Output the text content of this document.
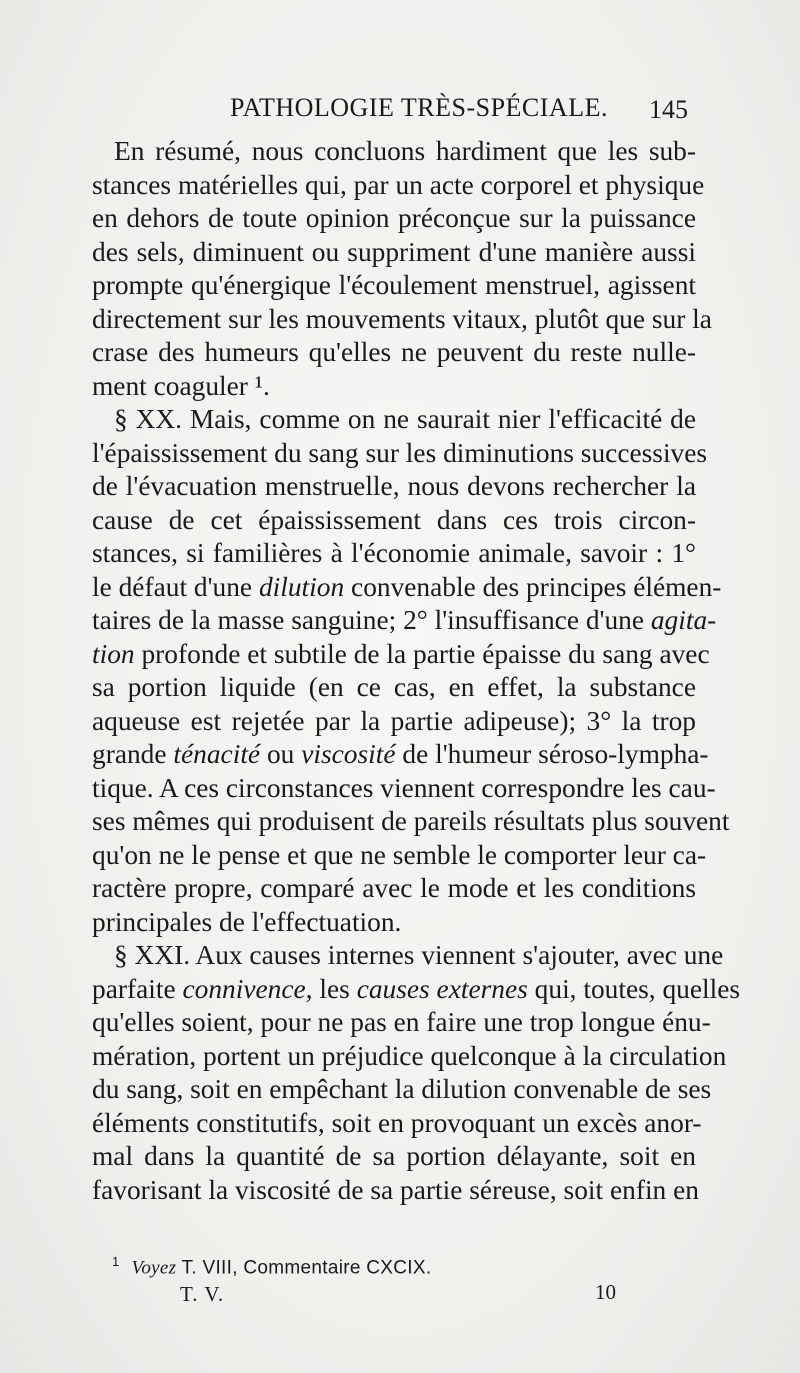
PATHOLOGIE TRÈS-SPÉCIALE. 145
En résumé, nous concluons hardiment que les sub-
stances matérielles qui, par un acte corporel et physique
en dehors de toute opinion préconçue sur la puissance
des sels, diminuent ou suppriment d'une manière aussi
prompte qu'énergique l'écoulement menstruel, agissent
directement sur les mouvements vitaux, plutôt que sur la
crase des humeurs qu'elles ne peuvent du reste nulle-
ment coaguler ¹.
§ XX. Mais, comme on ne saurait nier l'efficacité de
l'épaississement du sang sur les diminutions successives
de l'évacuation menstruelle, nous devons rechercher la
cause de cet épaississement dans ces trois circon-
stances, si familières à l'économie animale, savoir : 1°
le défaut d'une dilution convenable des principes élémen-
taires de la masse sanguine; 2° l'insuffisance d'une agita-
tion profonde et subtile de la partie épaisse du sang avec
sa portion liquide (en ce cas, en effet, la substance
aqueuse est rejetée par la partie adipeuse); 3° la trop
grande ténacité ou viscosité de l'humeur séroso-lympha-
tique. A ces circonstances viennent correspondre les cau-
ses mêmes qui produisent de pareils résultats plus souvent
qu'on ne le pense et que ne semble le comporter leur ca-
ractère propre, comparé avec le mode et les conditions
principales de l'effectuation.
§ XXI. Aux causes internes viennent s'ajouter, avec une
parfaite connivence, les causes externes qui, toutes, quelles
qu'elles soient, pour ne pas en faire une trop longue énu-
mération, portent un préjudice quelconque à la circulation
du sang, soit en empêchant la dilution convenable de ses
éléments constitutifs, soit en provoquant un excès anor-
mal dans la quantité de sa portion délayante, soit en
favorisant la viscosité de sa partie séreuse, soit enfin en
$^1$ Voyez T. VIII, Commentaire CXCIX.
T. V.	10
